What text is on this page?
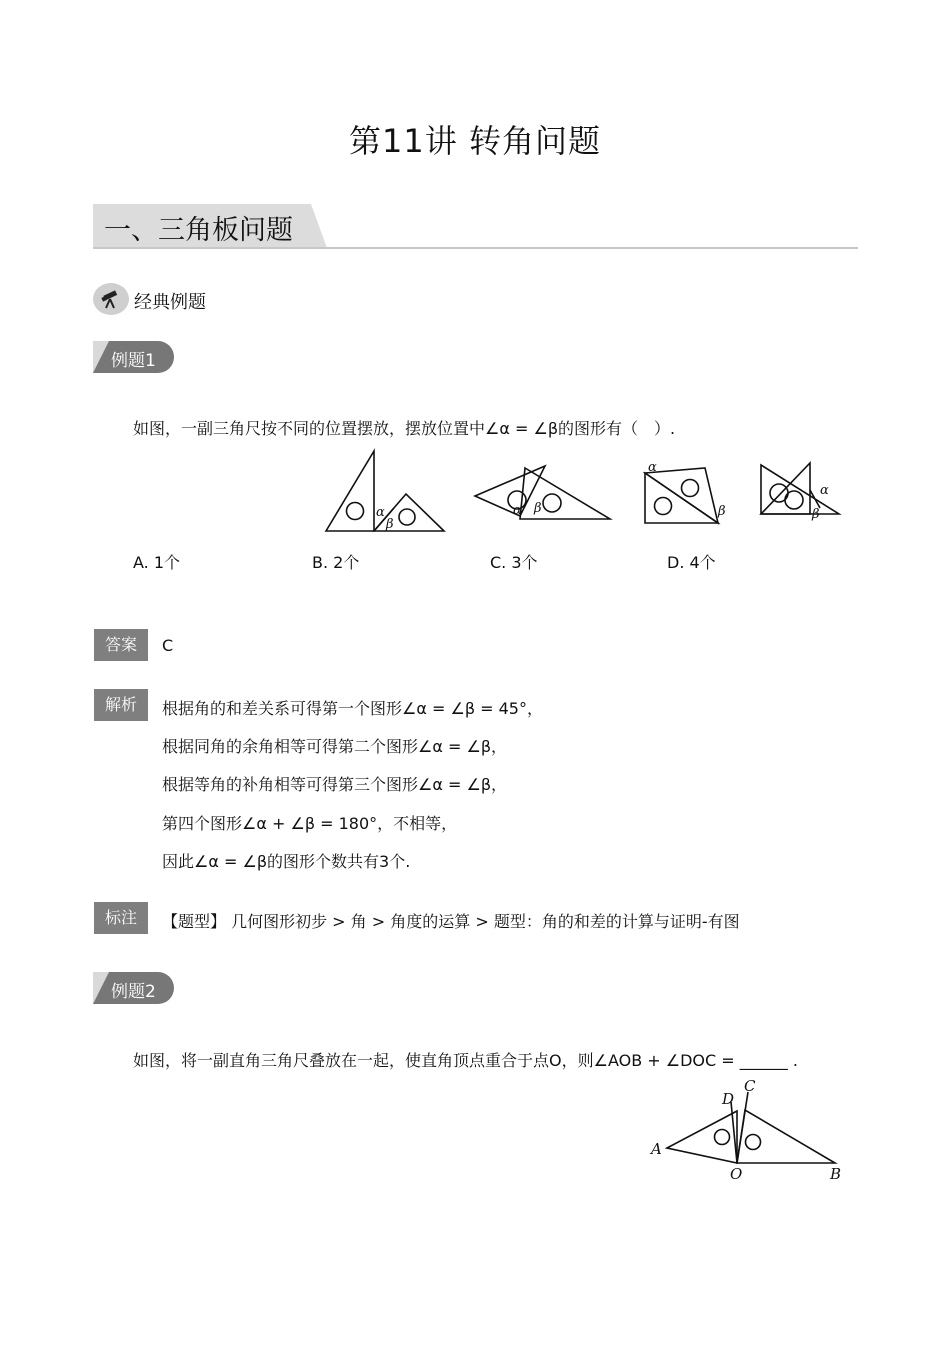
第11讲 转角问题
一、三角板问题
经典例题
例题1
如图，一副三角尺按不同的位置摆放，摆放位置中∠α = ∠β的图形有（　）.
α
β
α β
α
β
α
β
A. 1个	B. 2个	C. 3个	D. 4个
答案	C
解析	根据角的和差关系可得第一个图形∠α = ∠β = 45°，
根据同角的余角相等可得第二个图形∠α = ∠β，
根据等角的补角相等可得第三个图形∠α = ∠β，
第四个图形∠α + ∠β = 180°，不相等，
因此∠α = ∠β的图形个数共有3个.
标注	【题型】 几何图形初步 > 角 > 角度的运算 > 题型：角的和差的计算与证明-有图
例题2
如图，将一副直角三角尺叠放在一起，使直角顶点重合于点O，则∠AOB + ∠DOC = ______ .
A
B
C
D
O
